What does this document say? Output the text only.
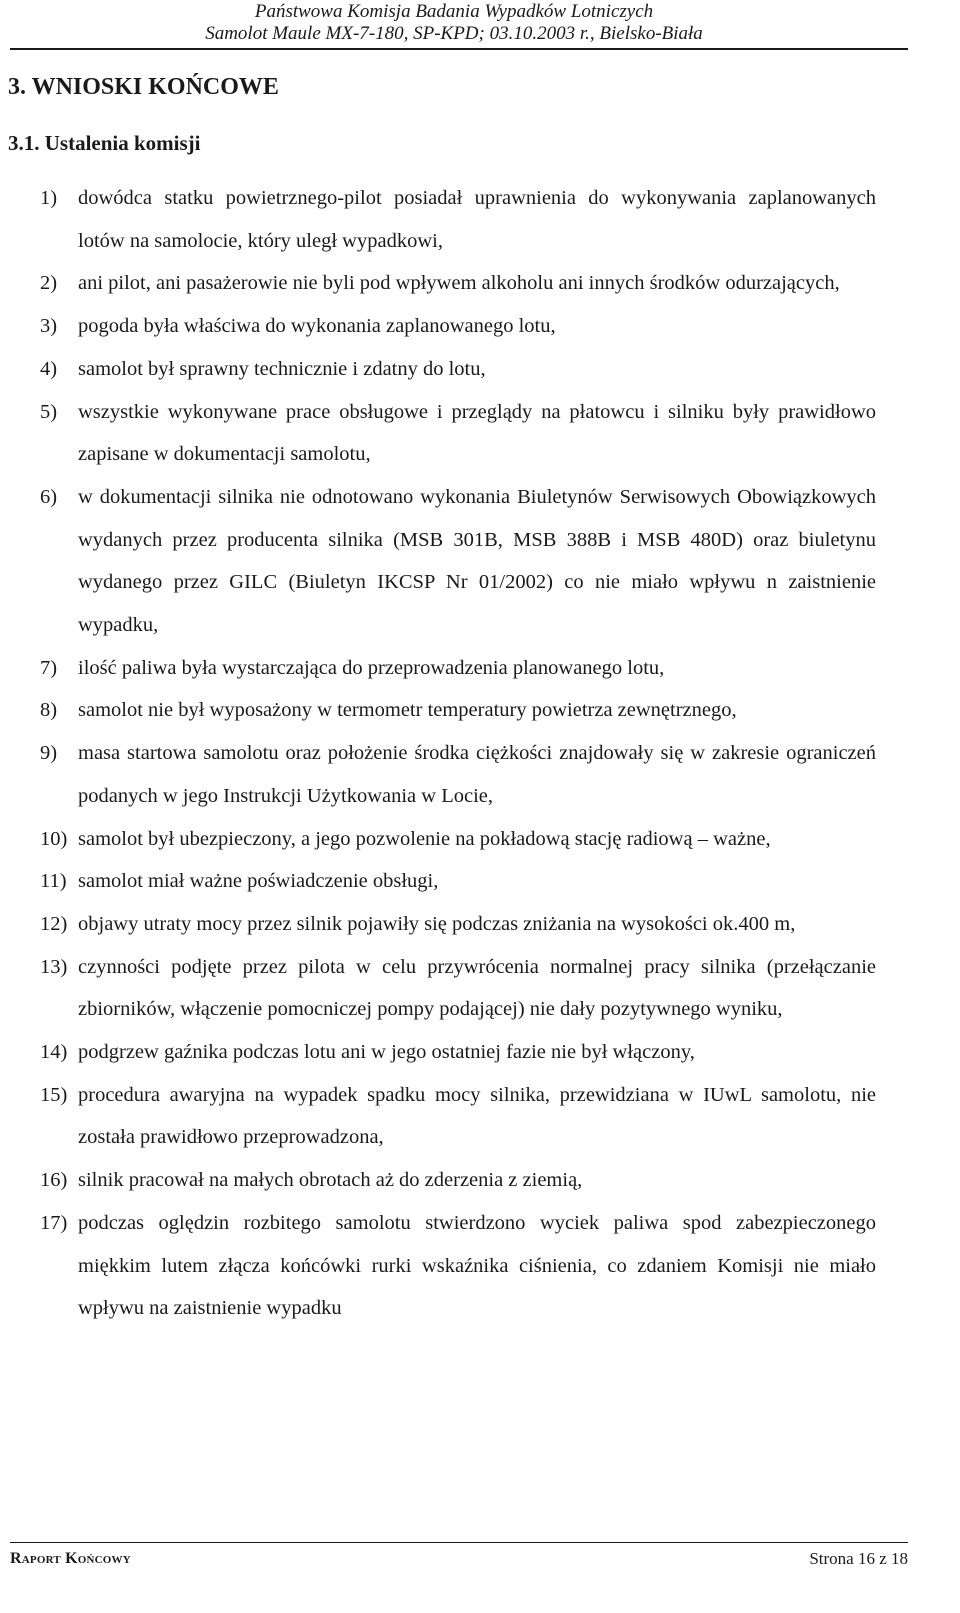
Państwowa Komisja Badania Wypadków Lotniczych
Samolot Maule MX-7-180, SP-KPD; 03.10.2003 r., Bielsko-Biała
3. WNIOSKI KOŃCOWE
3.1. Ustalenia komisji
1)	dowódca statku powietrznego-pilot posiadał uprawnienia do wykonywania zaplanowanych lotów na samolocie, który uległ wypadkowi,
2)	ani pilot, ani pasażerowie nie byli pod wpływem alkoholu ani innych środków odurzających,
3)	pogoda była właściwa do wykonania zaplanowanego lotu,
4)	samolot był sprawny technicznie i zdatny do lotu,
5)	wszystkie wykonywane prace obsługowe i przeglądy na płatowcu i silniku były prawidłowo zapisane w dokumentacji samolotu,
6)	w dokumentacji silnika nie odnotowano wykonania Biuletynów Serwisowych Obowiązkowych wydanych przez producenta silnika (MSB 301B, MSB 388B i MSB 480D) oraz biuletynu wydanego przez GILC (Biuletyn IKCSP Nr 01/2002) co nie miało wpływu n zaistnienie wypadku,
7)	ilość paliwa była wystarczająca do przeprowadzenia planowanego lotu,
8)	samolot nie był wyposażony w termometr temperatury powietrza zewnętrznego,
9)	masa startowa samolotu oraz położenie środka ciężkości znajdowały się w zakresie ograniczeń podanych w jego Instrukcji Użytkowania w Locie,
10) samolot był ubezpieczony, a jego pozwolenie na pokładową stację radiową – ważne,
11) samolot miał ważne poświadczenie obsługi,
12) objawy utraty mocy przez silnik pojawiły się podczas zniżania na wysokości ok.400 m,
13) czynności podjęte przez pilota w celu przywrócenia normalnej pracy silnika (przełączanie zbiorników, włączenie pomocniczej pompy podającej) nie dały pozytywnego wyniku,
14) podgrzew gaźnika podczas lotu ani w jego ostatniej fazie nie był włączony,
15) procedura awaryjna na wypadek spadku mocy silnika, przewidziana w IUwL samolotu, nie została prawidłowo przeprowadzona,
16) silnik pracował na małych obrotach aż do zderzenia z ziemią,
17) podczas oględzin rozbitego samolotu stwierdzono wyciek paliwa spod zabezpieczonego miękkim lutem złącza końcówki rurki wskaźnika ciśnienia, co zdaniem Komisji nie miało wpływu na zaistnienie wypadku
Raport Końcowy	Strona 16 z 18
